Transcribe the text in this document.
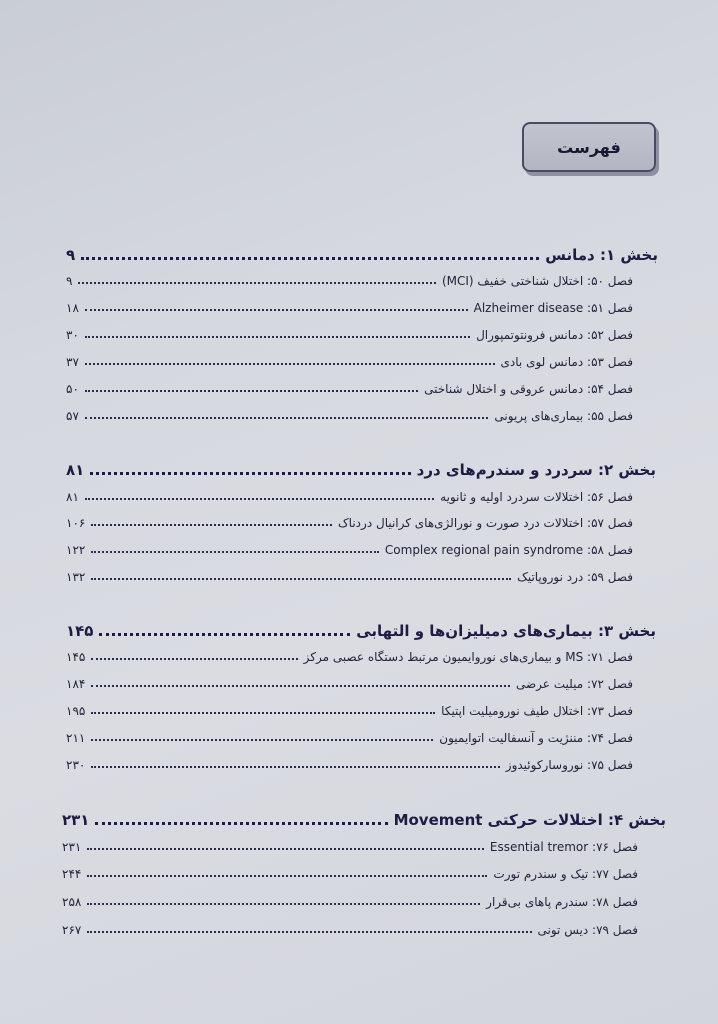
فهرست
بخش ۱: دمانس
۹
فصل ۵۰: اختلال شناختی خفیف (MCI)
۹
فصل ۵۱: Alzheimer disease
۱۸
فصل ۵۲: دمانس فرونتوتمپورال
۳۰
فصل ۵۳: دمانس لوی بادی
۳۷
فصل ۵۴: دمانس عروقی و اختلال شناختی
۵۰
فصل ۵۵: بیماری‌های پریونی
۵۷
بخش ۲: سردرد و سندرم‌های درد
۸۱
فصل ۵۶: اختلالات سردرد اولیه و ثانویه
۸۱
فصل ۵۷: اختلالات درد صورت و نورالژی‌های کرانیال دردناک
۱۰۶
فصل ۵۸: Complex regional pain syndrome
۱۲۲
فصل ۵۹: درد نوروپاتیک
۱۳۲
بخش ۳: بیماری‌های دمیلیزان‌ها و التهابی
۱۴۵
فصل ۷۱: MS و بیماری‌های نوروایمیون مرتبط دستگاه عصبی مرکز
۱۴۵
فصل ۷۲: میلیت عرضی
۱۸۴
فصل ۷۳: اختلال طیف نورومیلیت اپتیکا
۱۹۵
فصل ۷۴: مننژیت و آنسفالیت اتوایمیون
۲۱۱
فصل ۷۵: نوروسارکوئیدوز
۲۳۰
بخش ۴: اختلالات حرکتی Movement
۲۳۱
فصل ۷۶: Essential tremor
۲۳۱
فصل ۷۷: تیک و سندرم تورت
۲۴۴
فصل ۷۸: سندرم پاهای بی‌قرار
۲۵۸
فصل ۷۹: دیس تونی
۲۶۷
